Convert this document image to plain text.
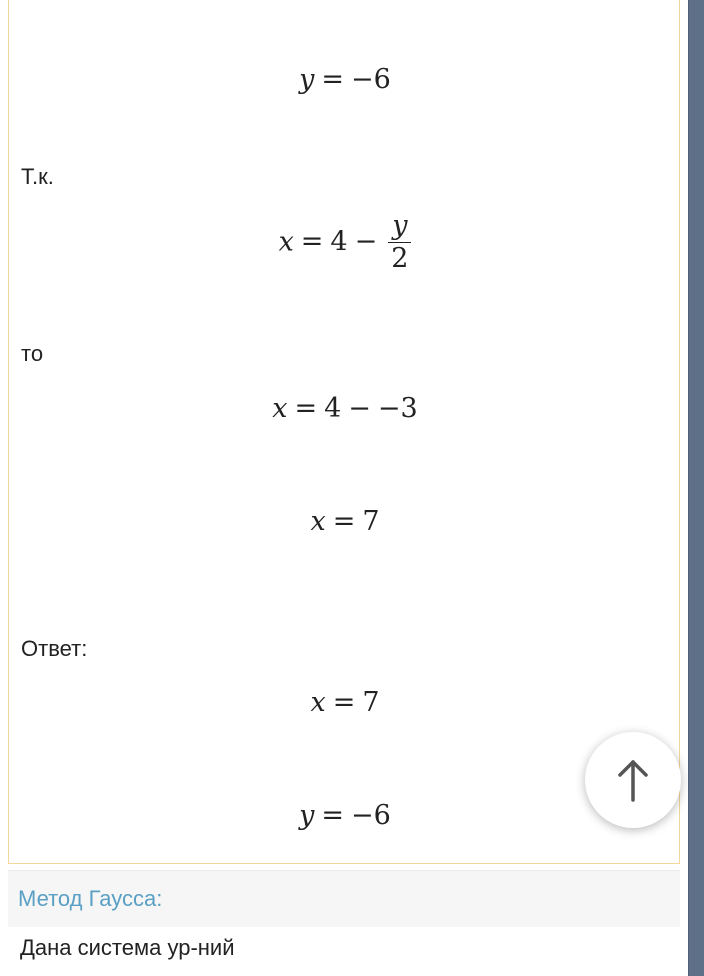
y = −6
Т.к.
$x = 4 - \frac{y}{2}$
то
x = 4 − −3
x = 7
Ответ:
x = 7
y = −6
Метод Гаусса:
Дана система ур-ний
